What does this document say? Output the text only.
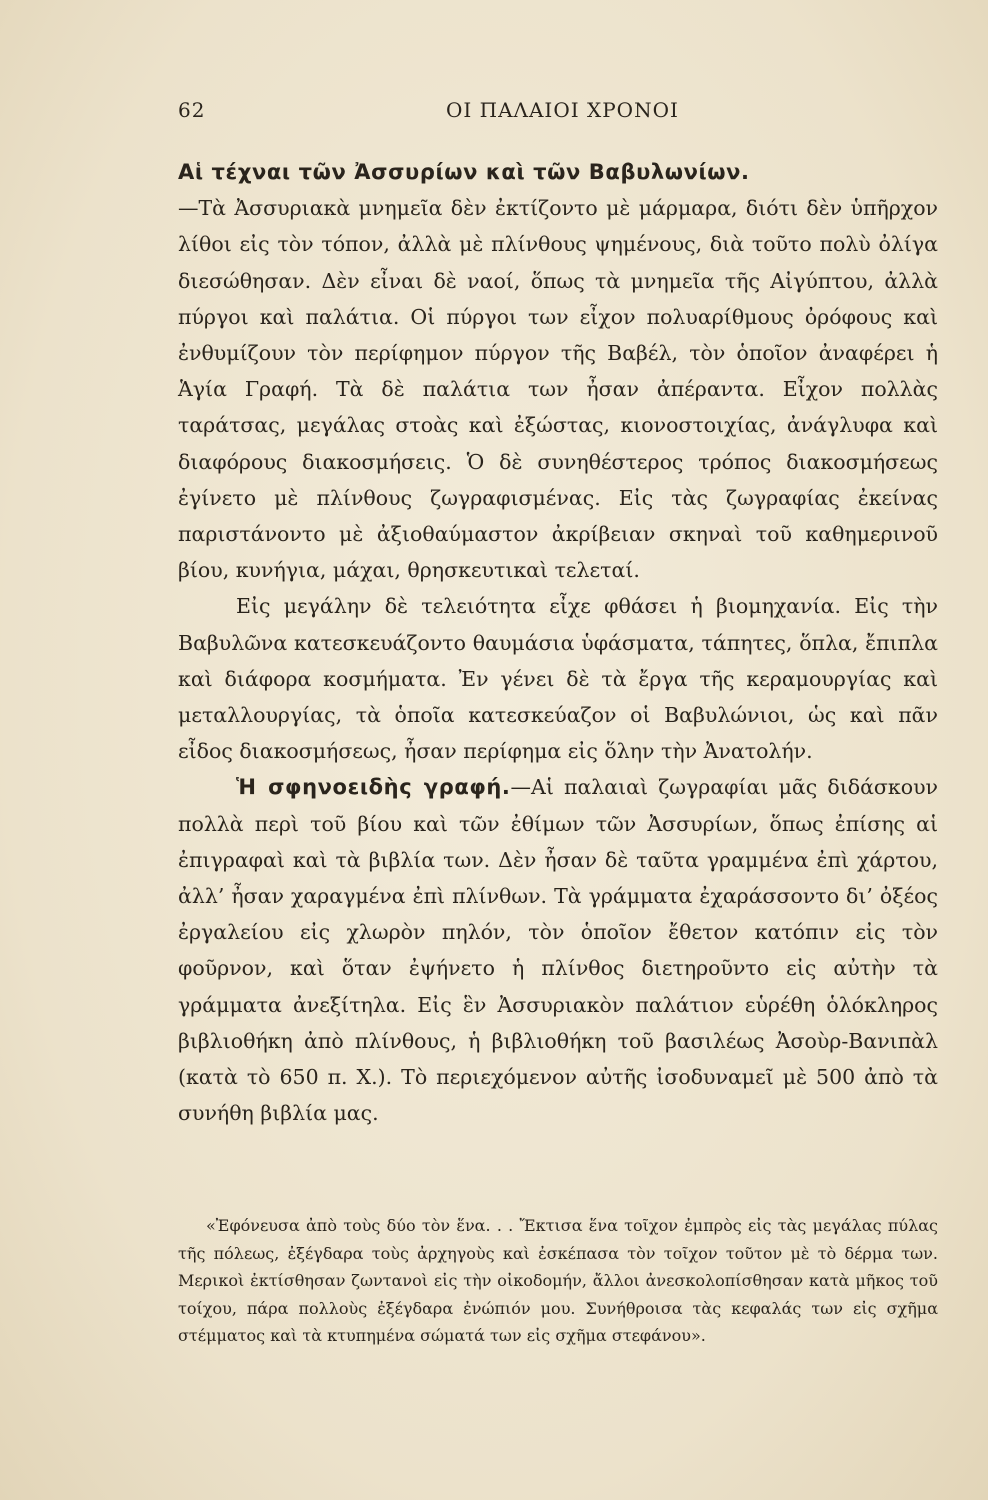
62	ΟΙ ΠΑΛΑΙΟΙ ΧΡΟΝΟΙ

Αἱ τέχναι τῶν Ἀσσυρίων καὶ τῶν Βαβυλωνίων.
—Τὰ Ἀσσυριακὰ μνημεῖα δὲν ἐκτίζοντο μὲ μάρμαρα, διότι δὲν ὑπῆρχον λίθοι εἰς τὸν τόπον, ἀλλὰ μὲ πλίνθους ψημένους, διὰ τοῦτο πολὺ ὀλίγα διεσώθησαν. Δὲν εἶναι δὲ ναοί, ὅπως τὰ μνημεῖα τῆς Αἰγύπτου, ἀλλὰ πύργοι καὶ παλάτια. Οἱ πύργοι των εἶχον πολυαρίθμους ὀρόφους καὶ ἐνθυμίζουν τὸν περίφημον πύργον τῆς Βαβέλ, τὸν ὁποῖον ἀναφέρει ἡ Ἁγία Γραφή. Τὰ δὲ παλάτια των ἦσαν ἀπέραντα. Εἶχον πολλὰς ταράτσας, μεγάλας στοὰς καὶ ἐξώστας, κιονοστοιχίας, ἀνάγλυφα καὶ διαφόρους διακοσμήσεις. Ὁ δὲ συνηθέστερος τρόπος διακοσμήσεως ἐγίνετο μὲ πλίνθους ζωγραφισμένας. Εἰς τὰς ζωγραφίας ἐκείνας παριστάνοντο μὲ ἀξιοθαύμαστον ἀκρίβειαν σκηναὶ τοῦ καθημερινοῦ βίου, κυνήγια, μάχαι, θρησκευτικαὶ τελεταί.

Εἰς μεγάλην δὲ τελειότητα εἶχε φθάσει ἡ βιομηχανία. Εἰς τὴν Βαβυλῶνα κατεσκευάζοντο θαυμάσια ὑφάσματα, τάπητες, ὅπλα, ἔπιπλα καὶ διάφορα κοσμήματα. Ἐν γένει δὲ τὰ ἔργα τῆς κεραμουργίας καὶ μεταλλουργίας, τὰ ὁποῖα κατεσκεύαζον οἱ Βαβυλώνιοι, ὡς καὶ πᾶν εἶδος διακοσμήσεως, ἦσαν περίφημα εἰς ὅλην τὴν Ἀνατολήν.

Ἡ σφηνοειδὴς γραφή.—Αἱ παλαιαὶ ζωγραφίαι μᾶς διδάσκουν πολλὰ περὶ τοῦ βίου καὶ τῶν ἐθίμων τῶν Ἀσσυρίων, ὅπως ἐπίσης αἱ ἐπιγραφαὶ καὶ τὰ βιβλία των. Δὲν ἦσαν δὲ ταῦτα γραμμένα ἐπὶ χάρτου, ἀλλ’ ἦσαν χαραγμένα ἐπὶ πλίνθων. Τὰ γράμματα ἐχαράσσοντο δι’ ὀξέος ἐργαλείου εἰς χλωρὸν πηλόν, τὸν ὁποῖον ἔθετον κατόπιν εἰς τὸν φοῦρνον, καὶ ὅταν ἐψήνετο ἡ πλίνθος διετηροῦντο εἰς αὐτὴν τὰ γράμματα ἀνεξίτηλα. Εἰς ἓν Ἀσσυριακὸν παλάτιον εὑρέθη ὁλόκληρος βιβλιοθήκη ἀπὸ πλίνθους, ἡ βιβλιοθήκη τοῦ βασιλέως Ἀσοὺρ-Βανιπὰλ (κατὰ τὸ 650 π. Χ.). Τὸ περιεχόμενον αὐτῆς ἰσοδυναμεῖ μὲ 500 ἀπὸ τὰ συνήθη βιβλία μας.

«Ἐφόνευσα ἀπὸ τοὺς δύο τὸν ἕνα. . . Ἔκτισα ἕνα τοῖχον ἐμπρὸς εἰς τὰς μεγάλας πύλας τῆς πόλεως, ἐξέγδαρα τοὺς ἀρχηγοὺς καὶ ἐσκέπασα τὸν τοῖχον τοῦτον μὲ τὸ δέρμα των. Μερικοὶ ἐκτίσθησαν ζωντανοὶ εἰς τὴν οἰκοδομήν, ἄλλοι ἀνεσκολοπίσθησαν κατὰ μῆκος τοῦ τοίχου, πάρα πολλοὺς ἐξέγδαρα ἐνώπιόν μου. Συνήθροισα τὰς κεφαλάς των εἰς σχῆμα στέμματος καὶ τὰ κτυπημένα σώματά των εἰς σχῆμα στεφάνου».
